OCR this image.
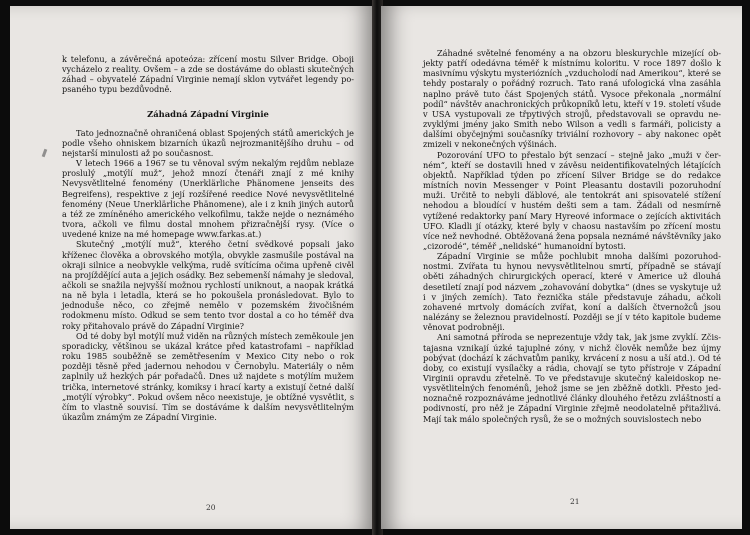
k telefonu, a závěrečná apoteóza: zřícení mostu Silver Bridge. Oboji vycházelo z reality. Ovšem – a zde se dostáváme do oblasti skutečných záhad – obyvatelé Západní Virginie nemají sklon vytvářet legendy popsaného typu bezdůvodně.

Záhadná Západní Virginie

Tato jednoznačně ohraničená oblast Spojených států amerických je podle všeho ohniskem bizarních úkazů nejrozmanitějšího druhu – od nejstarší minulosti až po současnost.

V letech 1966 a 1967 se tu věnoval svým nekalým rejdům neblaze proslulý „motýlí muž“, jehož mnozí čtenáři znají z mé knihy Nevysvětlitelné fenomény (Unerklärliche Phänomene jenseits des Begreifens), respektive z její rozšířené reedice Nové nevysvětlitelné fenomény (Neue Unerklärliche Phänomene), ale i z knih jiných autorů a též ze zmíněného amerického velkofilmu, takže nejde o neznámého tvora, ačkoli ve filmu dostal mnohem přizračnější rysy. (Více o uvedené knize na mé homepage www.farkas.at.)

Skutečný „motýlí muž“, kterého četní svědkové popsali jako kříženec člověka a obrovského motýla, obvykle zasmušile postával na okraji silnice a neobvykle velkýma, rudě svítícíma očima upřeně civěl na projíždějící auta a jejich osádky. Bez sebemenší námahy je sledoval, ačkoli se snažila nejvyšší možnou rychlostí uniknout, a naopak krátká na ně byla i letadla, která se ho pokoušela pronásledovat. Bylo to jednoduše něco, co zřejmě nemělo v pozemském živočišném rodokmenu místo. Odkud se sem tento tvor dostal a co ho téměř dva roky přitahovalo právě do Západní Virginie?

Od té doby byl motýlí muž viděn na různých místech zeměkoule jen sporadicky, většinou se ukázal krátce před katastrofami – například roku 1985 souběžně se zemětřesením v Mexico City nebo o rok později těsně před jadernou nehodou v Černobylu. Materiály o něm zaplnily už hezkých pár pořadačů. Dnes už najdete s motýlím mužem trička, internetové stránky, komiksy i hrací karty a existují četné další „motýlí výrobky“. Pokud ovšem něco neexistuje, je obtížné vysvětlit, s čím to vlastně souvisí. Tím se dostáváme k dalším nevysvětlitelným úkazům známým ze Západní Virginie.

20

Záhadné světelné fenomény a na obzoru bleskurychle mizející objekty patří odedávna téměř k místnímu koloritu. V roce 1897 došlo k masivnímu výskytu mysteriózních „vzducholodí nad Amerikou“, které se tehdy postaraly o pořádný rozruch. Tato raná ufologická vlna zasáhla naplno právě tuto část Spojených států. Vysoce překonala „normální podíl“ návštěv anachronických průkopníků letu, kteří v 19. století všude v USA vystupovali ze třpytivých strojů, představovali se opravdu nezvyklými jmény jako Smith nebo Wilson a vedli s farmáři, policisty a dalšími obyčejnými současníky triviální rozhovory – aby nakonec opět zmizeli v nekonečných výšinách.

Pozorování UFO to přestalo být senzací – stejně jako „muži v černém“, kteří se dostavili hned v závěsu neidentifikovatelných létajících objektů. Například týden po zřícení Silver Bridge se do redakce místních novin Messenger v Point Pleasantu dostavili pozoruhodní muži. Určitě to nebyli ďáblové, ale tentokrát ani spisovatelé stížení nehodou a bloudící v hustém dešti sem a tam. Žádali od nesmírně vytížené redaktorky paní Mary Hyreové informace o zejících aktivitách UFO. Kladli jí otázky, které byly v chaosu nastavším po zřícení mostu více než nevhodné. Obtěžovaná žena popsala neznámé návštěvníky jako „cizorodé“, téměř „nelidské“ humanoidní bytosti.

Západní Virginie se může pochlubit mnoha dalšími pozoruhodnostmi. Zvířata tu hynou nevysvětlitelnou smrtí, případně se stávají oběti záhadných chirurgických operací, které v Americe už dlouhá desetiletí znají pod názvem „zohavování dobytka“ (dnes se vyskytuje už i v jiných zemích). Tato řeznička stále představuje záhadu, ačkoli zohavené mrtvoly domácích zvířat, koní a dalších čtvernožců jsou nalézány se železnou pravidelností. Později se jí v této kapitole budeme věnovat podrobněji.

Ani samotná příroda se neprezentuje vždy tak, jak jsme zvyklí. Zčistajasna vznikají úzké tajuplné zóny, v nichž člověk nemůže bez újmy pobývat (dochází k záchvatům paniky, krvácení z nosu a uší atd.). Od té doby, co existují vysílačky a rádia, chovají se tyto přístroje v Západní Virginii opravdu zřetelně. To ve představuje skutečný kaleidoskop nevysvětlitelných fenoménů, jehož jsme se jen zběžně dotkli. Přesto jednoznačně rozpoznáváme jednotlivé články dlouhého řetězu zvláštností a podivností, pro něž je Západní Virginie zřejmě neodolatelně přitažlivá. Mají tak málo společných rysů, že se o možných souvislostech nebo

21
